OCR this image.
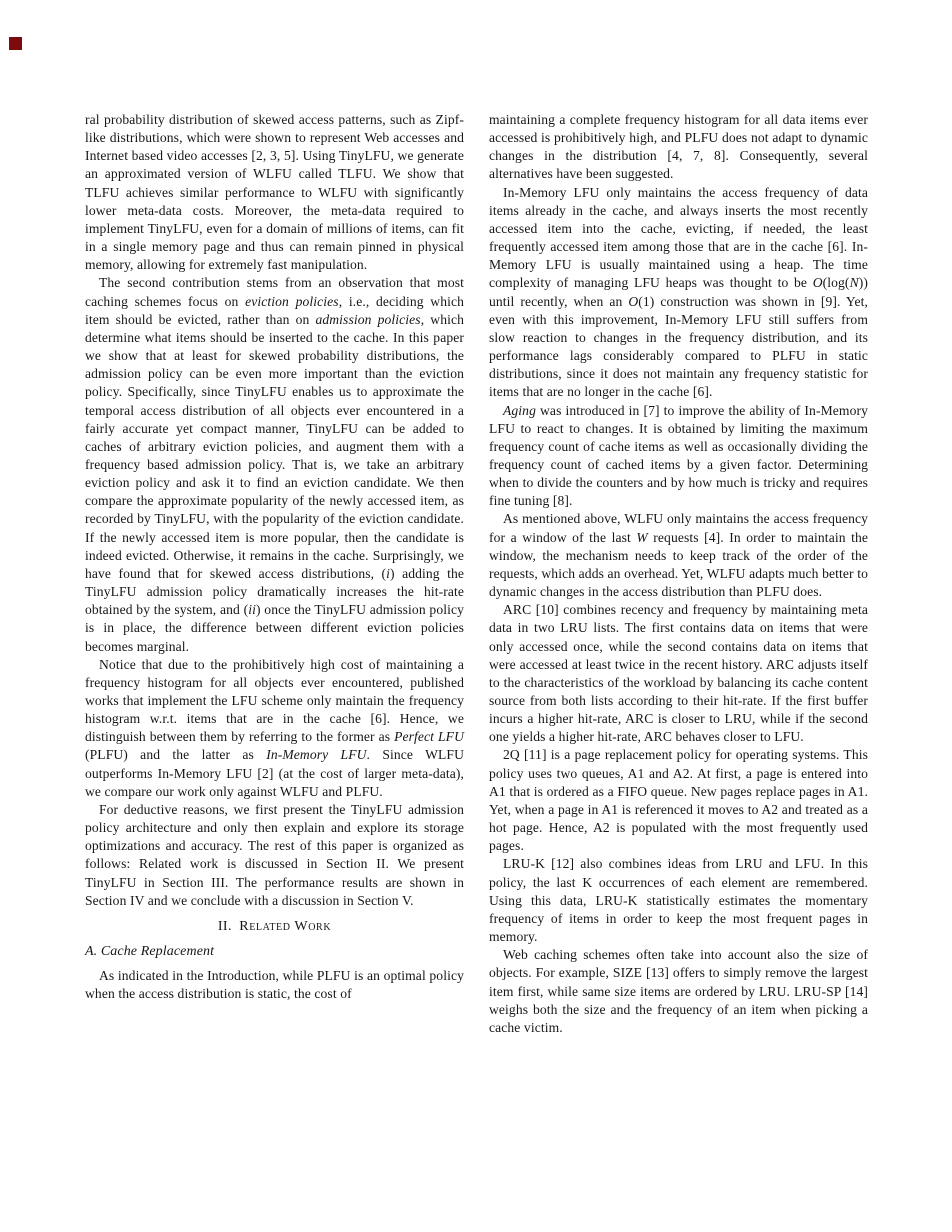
ral probability distribution of skewed access patterns, such as Zipf-like distributions, which were shown to represent Web accesses and Internet based video accesses [2, 3, 5]. Using TinyLFU, we generate an approximated version of WLFU called TLFU. We show that TLFU achieves similar performance to WLFU with significantly lower meta-data costs. Moreover, the meta-data required to implement TinyLFU, even for a domain of millions of items, can fit in a single memory page and thus can remain pinned in physical memory, allowing for extremely fast manipulation.

The second contribution stems from an observation that most caching schemes focus on eviction policies, i.e., deciding which item should be evicted, rather than on admission policies, which determine what items should be inserted to the cache. In this paper we show that at least for skewed probability distributions, the admission policy can be even more important than the eviction policy. Specifically, since TinyLFU enables us to approximate the temporal access distribution of all objects ever encountered in a fairly accurate yet compact manner, TinyLFU can be added to caches of arbitrary eviction policies, and augment them with a frequency based admission policy. That is, we take an arbitrary eviction policy and ask it to find an eviction candidate. We then compare the approximate popularity of the newly accessed item, as recorded by TinyLFU, with the popularity of the eviction candidate. If the newly accessed item is more popular, then the candidate is indeed evicted. Otherwise, it remains in the cache. Surprisingly, we have found that for skewed access distributions, (i) adding the TinyLFU admission policy dramatically increases the hit-rate obtained by the system, and (ii) once the TinyLFU admission policy is in place, the difference between different eviction policies becomes marginal.

Notice that due to the prohibitively high cost of maintaining a frequency histogram for all objects ever encountered, published works that implement the LFU scheme only maintain the frequency histogram w.r.t. items that are in the cache [6]. Hence, we distinguish between them by referring to the former as Perfect LFU (PLFU) and the latter as In-Memory LFU. Since WLFU outperforms In-Memory LFU [2] (at the cost of larger meta-data), we compare our work only against WLFU and PLFU.

For deductive reasons, we first present the TinyLFU admission policy architecture and only then explain and explore its storage optimizations and accuracy. The rest of this paper is organized as follows: Related work is discussed in Section II. We present TinyLFU in Section III. The performance results are shown in Section IV and we conclude with a discussion in Section V.

II. Related Work
A. Cache Replacement

As indicated in the Introduction, while PLFU is an optimal policy when the access distribution is static, the cost of

maintaining a complete frequency histogram for all data items ever accessed is prohibitively high, and PLFU does not adapt to dynamic changes in the distribution [4, 7, 8]. Consequently, several alternatives have been suggested.

In-Memory LFU only maintains the access frequency of data items already in the cache, and always inserts the most recently accessed item into the cache, evicting, if needed, the least frequently accessed item among those that are in the cache [6]. In-Memory LFU is usually maintained using a heap. The time complexity of managing LFU heaps was thought to be O(log(N)) until recently, when an O(1) construction was shown in [9]. Yet, even with this improvement, In-Memory LFU still suffers from slow reaction to changes in the frequency distribution, and its performance lags considerably compared to PLFU in static distributions, since it does not maintain any frequency statistic for items that are no longer in the cache [6].

Aging was introduced in [7] to improve the ability of In-Memory LFU to react to changes. It is obtained by limiting the maximum frequency count of cache items as well as occasionally dividing the frequency count of cached items by a given factor. Determining when to divide the counters and by how much is tricky and requires fine tuning [8].

As mentioned above, WLFU only maintains the access frequency for a window of the last W requests [4]. In order to maintain the window, the mechanism needs to keep track of the order of the requests, which adds an overhead. Yet, WLFU adapts much better to dynamic changes in the access distribution than PLFU does.

ARC [10] combines recency and frequency by maintaining meta data in two LRU lists. The first contains data on items that were only accessed once, while the second contains data on items that were accessed at least twice in the recent history. ARC adjusts itself to the characteristics of the workload by balancing its cache content source from both lists according to their hit-rate. If the first buffer incurs a higher hit-rate, ARC is closer to LRU, while if the second one yields a higher hit-rate, ARC behaves closer to LFU.

2Q [11] is a page replacement policy for operating systems. This policy uses two queues, A1 and A2. At first, a page is entered into A1 that is ordered as a FIFO queue. New pages replace pages in A1. Yet, when a page in A1 is referenced it moves to A2 and treated as a hot page. Hence, A2 is populated with the most frequently used pages.

LRU-K [12] also combines ideas from LRU and LFU. In this policy, the last K occurrences of each element are remembered. Using this data, LRU-K statistically estimates the momentary frequency of items in order to keep the most frequent pages in memory.

Web caching schemes often take into account also the size of objects. For example, SIZE [13] offers to simply remove the largest item first, while same size items are ordered by LRU. LRU-SP [14] weighs both the size and the frequency of an item when picking a cache victim.
